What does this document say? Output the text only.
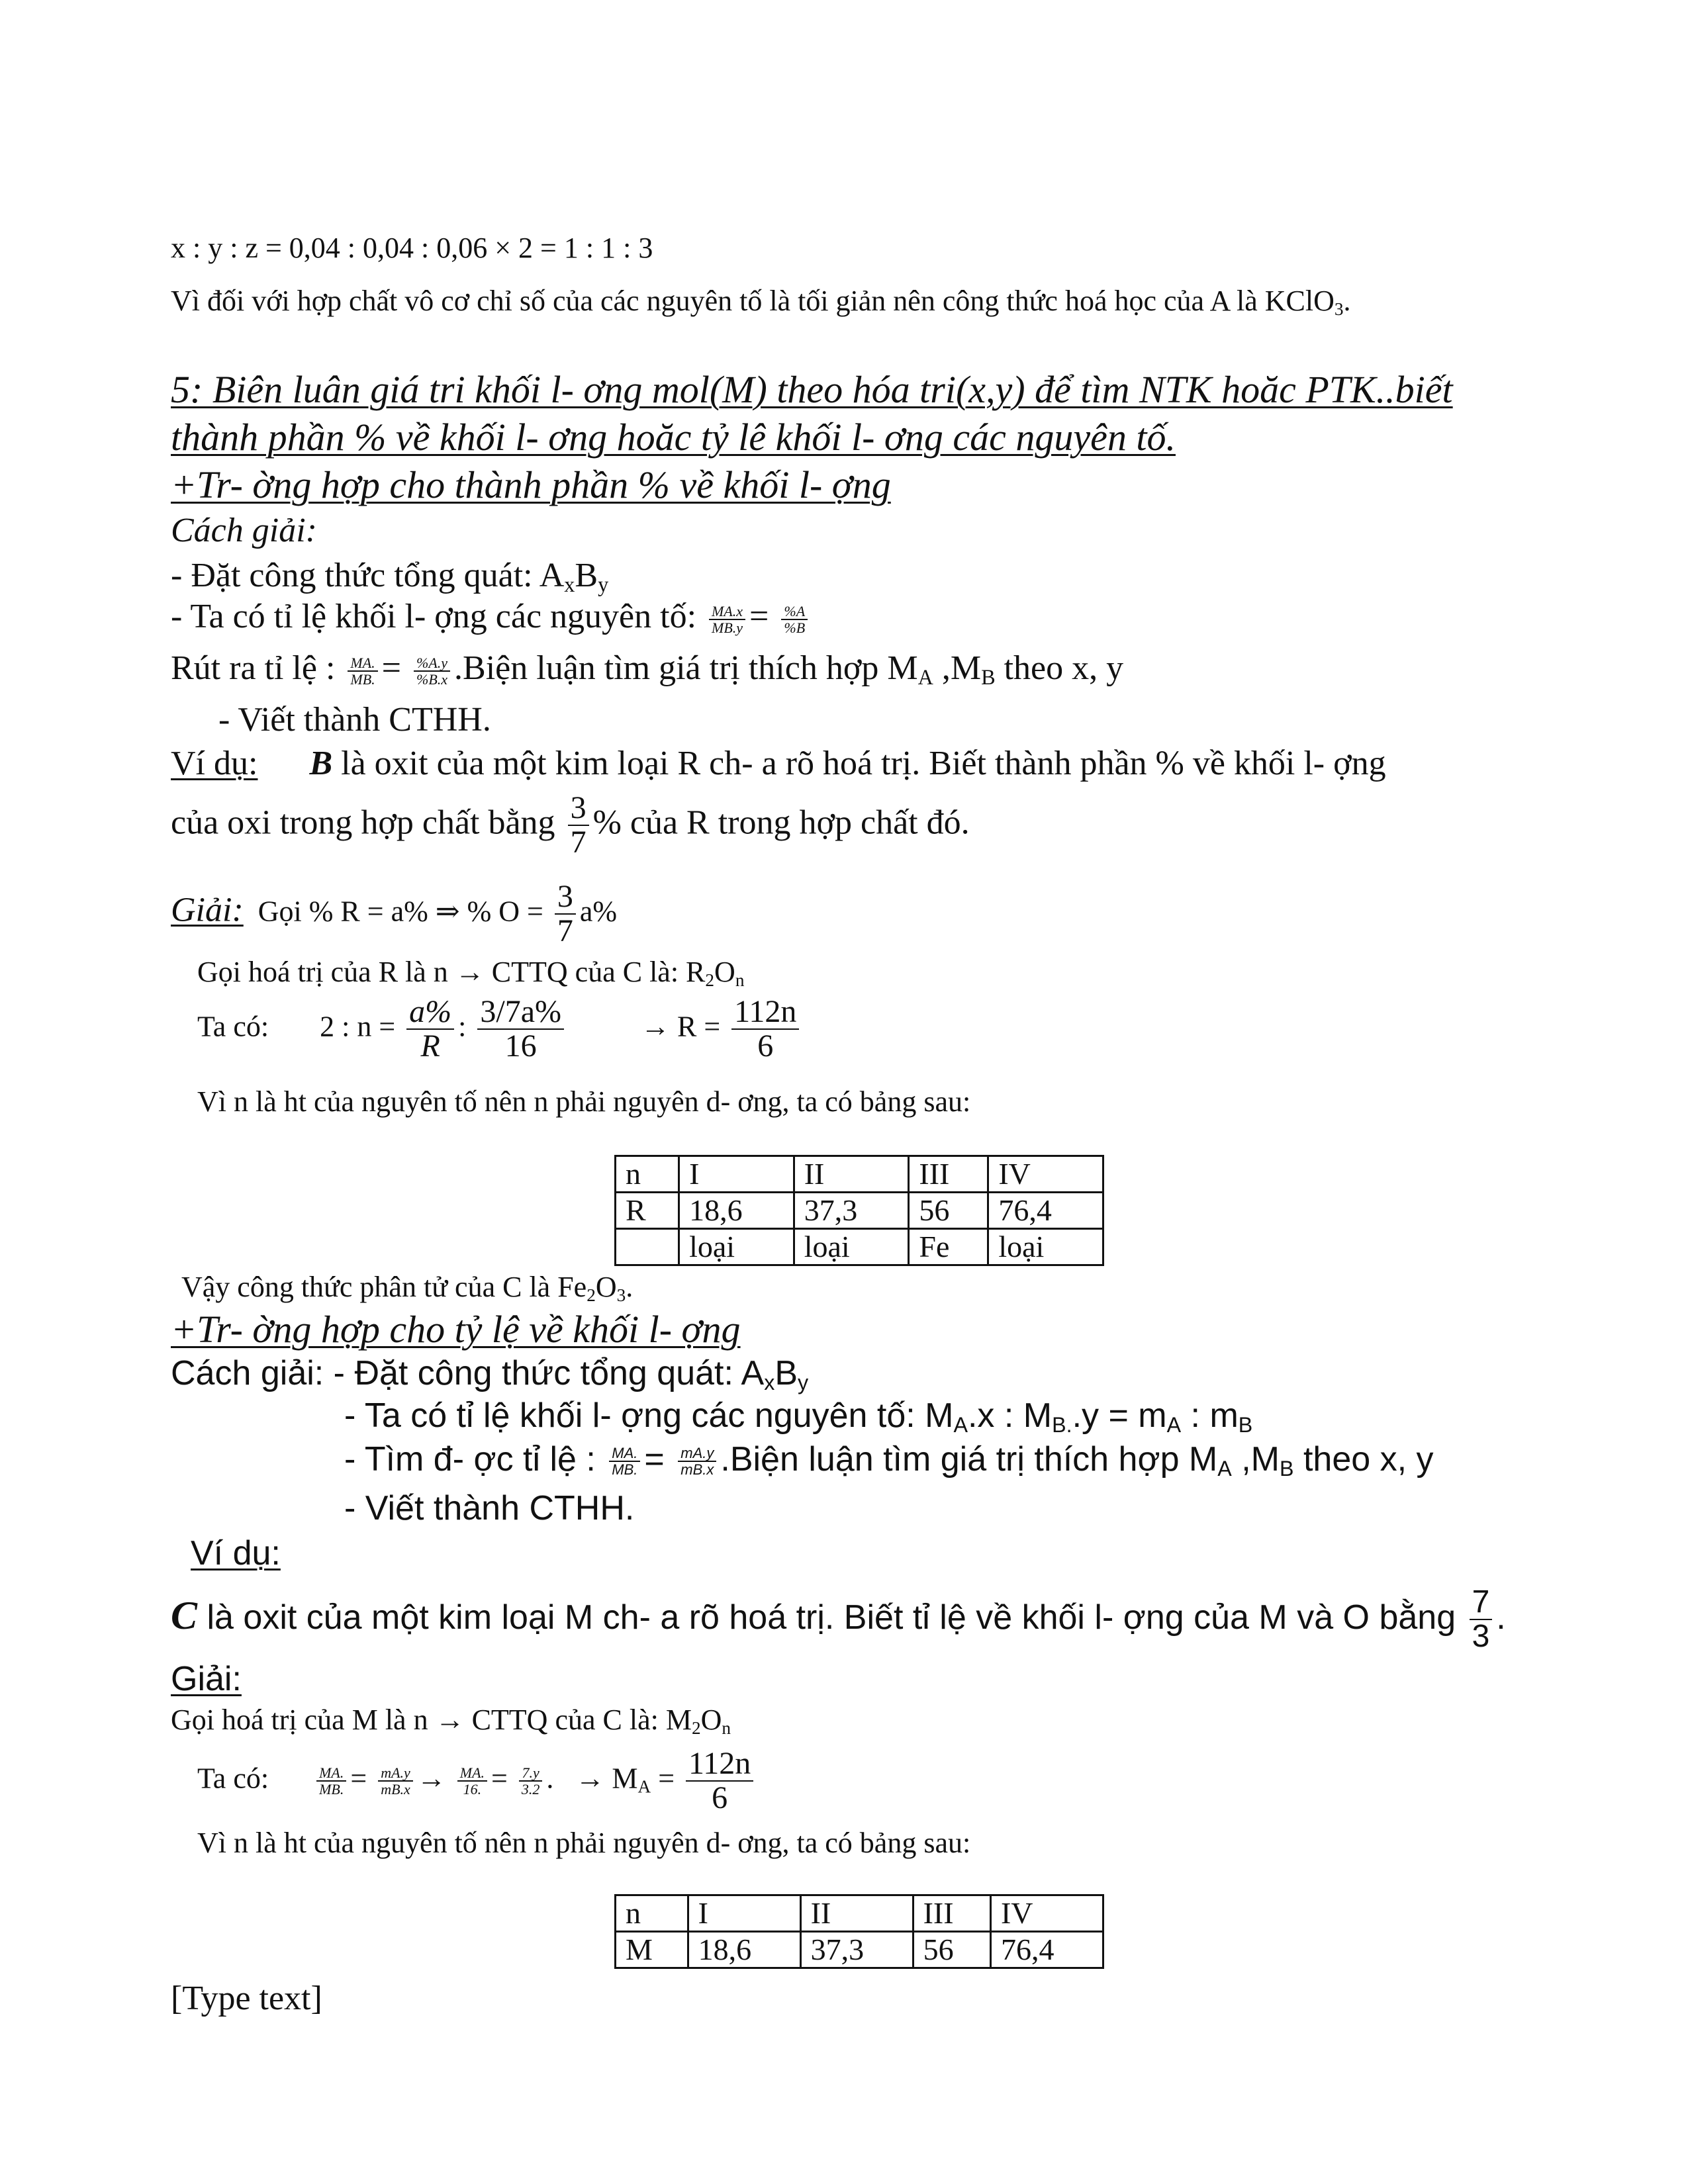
x : y : z = 0,04 : 0,04 : 0,06 × 2 = 1 : 1 : 3
Vì đối với hợp chất vô cơ chỉ số của các nguyên tố là tối giản nên công thức hoá học của A là KClO$_3$.
5: Biên luân giá tri khối l- ơng mol(M) theo hóa tri(x,y) để tìm NTK hoăc PTK..biết
thành phần % về khối l- ơng hoăc tỷ lê khối l- ơng các nguyên tố.
+Tr- ờng hợp cho thành phần % về khối l- ợng
Cách giải:
- Đặt công thức tổng quát: $A_xB_y$
- Ta có tỉ lệ khối l- ợng các nguyên tố: $\frac{MA.x}{MB.y} = \frac{\%A}{\%B}$
Rút ra tỉ lệ : $\frac{MA.}{MB.} = \frac{\%A.y}{\%B.x}$ .Biện luận tìm giá trị thích hợp $M_A$ $,M_B$ theo x, y
- Viết thành CTHH.
Ví dụ: B là oxit của một kim loại R ch- a rõ hoá trị. Biết thành phần % về khối l- ợng
của oxi trong hợp chất bằng $\frac{3}{7}$ % của R trong hợp chất đó.
Giải: Gọi % R = a% ⇒ % $O = \frac{3}{7} a\%$
Gọi hoá trị của R là n → CTTQ của C là: $R_2O_n$
Ta có: 2 : $n = \frac{a\%}{R}$ : $\frac{3/7a\%}{16}$	→ $R = \frac{112n}{6}$
Vì n là ht của nguyên tố nên n phải nguyên d- ơng, ta có bảng sau:
n	I	II	III	IV
R	18,6	37,3	56	76,4
	loại	loại	Fe	loại
Vậy công thức phân tử của C là $Fe_2O_3$.
+Tr- ờng hợp cho tỷ lệ về khối l- ợng
Cách giải: - Đặt công thức tổng quát: $A_xB_y$
- Ta có tỉ lệ khối l- ợng các nguyên tố: $M_A.x$ : $M_{B.}.y = m_A$ : $m_B$
- Tìm đ- ợc tỉ lệ : $\frac{MA.}{MB.} = \frac{mA.y}{mB.x}$ .Biện luận tìm giá trị thích hợp $M_A$ $,M_B$ theo x, y
- Viết thành CTHH.
Ví dụ:
C là oxit của một kim loại M ch- a rõ hoá trị. Biết tỉ lệ về khối l- ợng của M và O bằng $\frac{7}{3}$ .
Giải:
Gọi hoá trị của M là n → CTTQ của C là: $M_2O_n$
Ta có:	$\frac{MA.}{MB.} = \frac{mA.y}{mB.x} \to \frac{MA.}{16.} = \frac{7.y}{3.2}$ . → $M_A = \frac{112n}{6}$
Vì n là ht của nguyên tố nên n phải nguyên d- ơng, ta có bảng sau:
n	I	II	III	IV
M	18,6	37,3	56	76,4
[Type text]
